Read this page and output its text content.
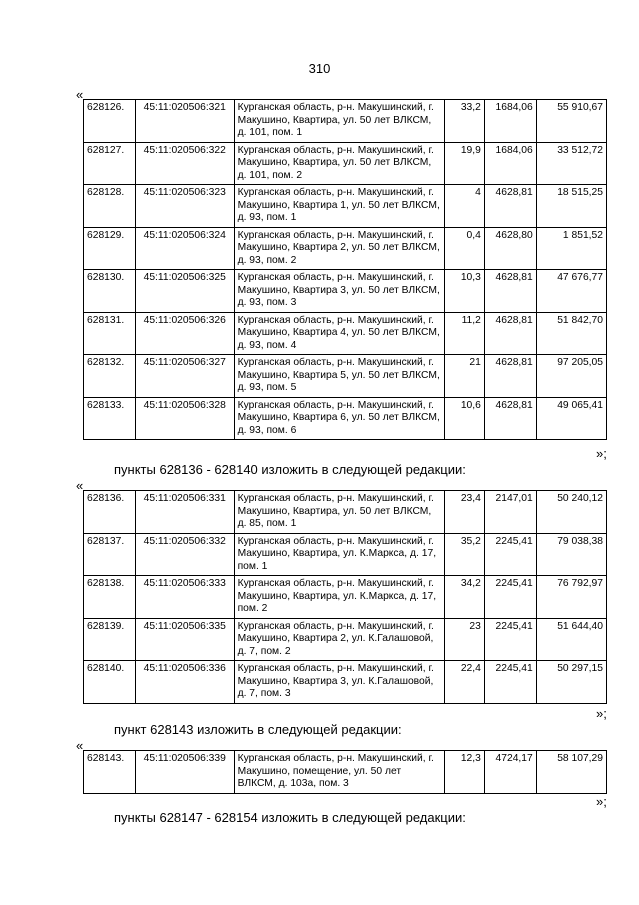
310
«
628126.	45:11:020506:321	Курганская область, р-н. Макушинский, г. Макушино, Квартира, ул. 50 лет ВЛКСМ, д. 101, пом. 1	33,2	1684,06	55 910,67
628127.	45:11:020506:322	Курганская область, р-н. Макушинский, г. Макушино, Квартира, ул. 50 лет ВЛКСМ, д. 101, пом. 2	19,9	1684,06	33 512,72
628128.	45:11:020506:323	Курганская область, р-н. Макушинский, г. Макушино, Квартира 1, ул. 50 лет ВЛКСМ, д. 93, пом. 1	4	4628,81	18 515,25
628129.	45:11:020506:324	Курганская область, р-н. Макушинский, г. Макушино, Квартира 2, ул. 50 лет ВЛКСМ, д. 93, пом. 2	0,4	4628,80	1 851,52
628130.	45:11:020506:325	Курганская область, р-н. Макушинский, г. Макушино, Квартира 3, ул. 50 лет ВЛКСМ, д. 93, пом. 3	10,3	4628,81	47 676,77
628131.	45:11:020506:326	Курганская область, р-н. Макушинский, г. Макушино, Квартира 4, ул. 50 лет ВЛКСМ, д. 93, пом. 4	11,2	4628,81	51 842,70
628132.	45:11:020506:327	Курганская область, р-н. Макушинский, г. Макушино, Квартира 5, ул. 50 лет ВЛКСМ, д. 93, пом. 5	21	4628,81	97 205,05
628133.	45:11:020506:328	Курганская область, р-н. Макушинский, г. Макушино, Квартира 6, ул. 50 лет ВЛКСМ, д. 93, пом. 6	10,6	4628,81	49 065,41
»;
пункты 628136 - 628140 изложить в следующей редакции:
«
628136.	45:11:020506:331	Курганская область, р-н. Макушинский, г. Макушино, Квартира, ул. 50 лет ВЛКСМ, д. 85, пом. 1	23,4	2147,01	50 240,12
628137.	45:11:020506:332	Курганская область, р-н. Макушинский, г. Макушино, Квартира, ул. К.Маркса, д. 17, пом. 1	35,2	2245,41	79 038,38
628138.	45:11:020506:333	Курганская область, р-н. Макушинский, г. Макушино, Квартира, ул. К.Маркса, д. 17, пом. 2	34,2	2245,41	76 792,97
628139.	45:11:020506:335	Курганская область, р-н. Макушинский, г. Макушино, Квартира 2, ул. К.Галашовой, д. 7, пом. 2	23	2245,41	51 644,40
628140.	45:11:020506:336	Курганская область, р-н. Макушинский, г. Макушино, Квартира 3, ул. К.Галашовой, д. 7, пом. 3	22,4	2245,41	50 297,15
»;
пункт 628143 изложить в следующей редакции:
«
628143.	45:11:020506:339	Курганская область, р-н. Макушинский, г. Макушино, помещение, ул. 50 лет ВЛКСМ, д. 103а, пом. 3	12,3	4724,17	58 107,29
»;
пункты 628147 - 628154 изложить в следующей редакции:
